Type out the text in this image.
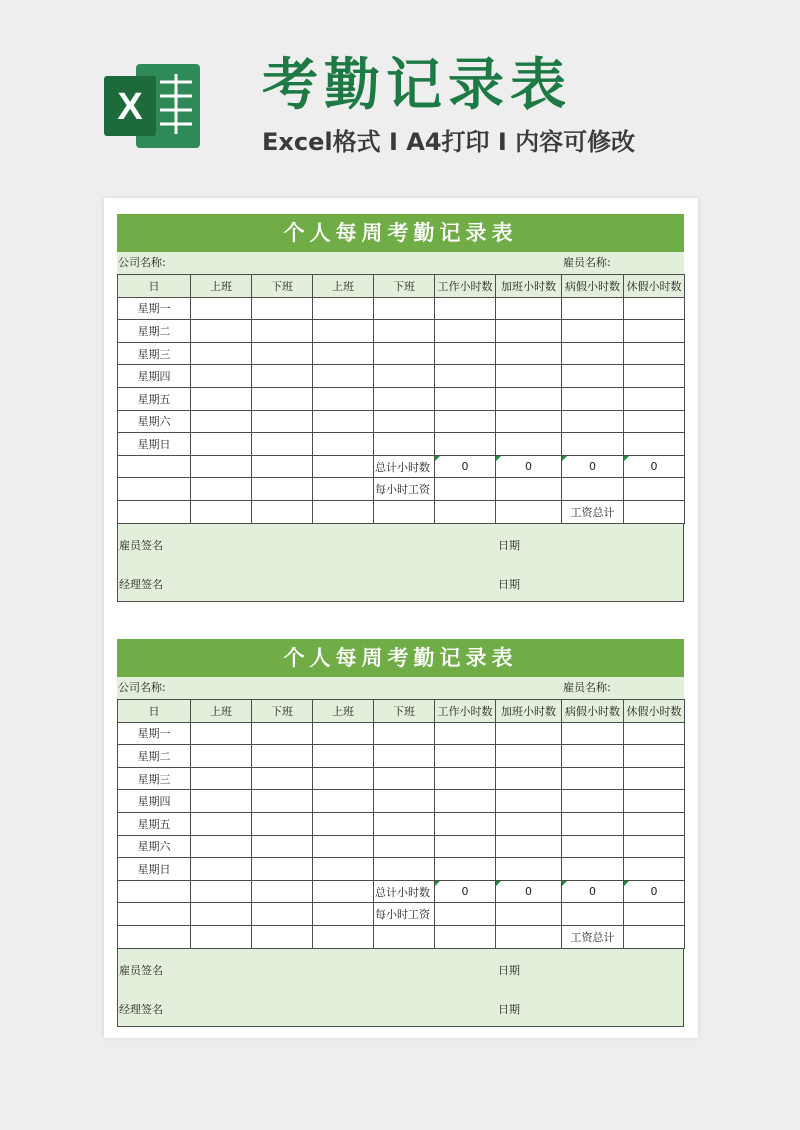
X 考勤记录表
Excel格式 Ⅰ A4打印 Ⅰ 内容可修改
个人每周考勤记录表
公司名称:	雇员名称:
日	上班	下班	上班	下班	工作小时数	加班小时数	病假小时数	休假小时数
星期一								
星期二								
星期三								
星期四								
星期五								
星期六								
星期日								
				总计小时数	0	0	0	0
				每小时工资				
							工资总计	
雇员签名	日期
经理签名	日期
个人每周考勤记录表
公司名称:	雇员名称:
日	上班	下班	上班	下班	工作小时数	加班小时数	病假小时数	休假小时数
星期一								
星期二								
星期三								
星期四								
星期五								
星期六								
星期日								
				总计小时数	0	0	0	0
				每小时工资				
							工资总计	
雇员签名	日期
经理签名	日期
